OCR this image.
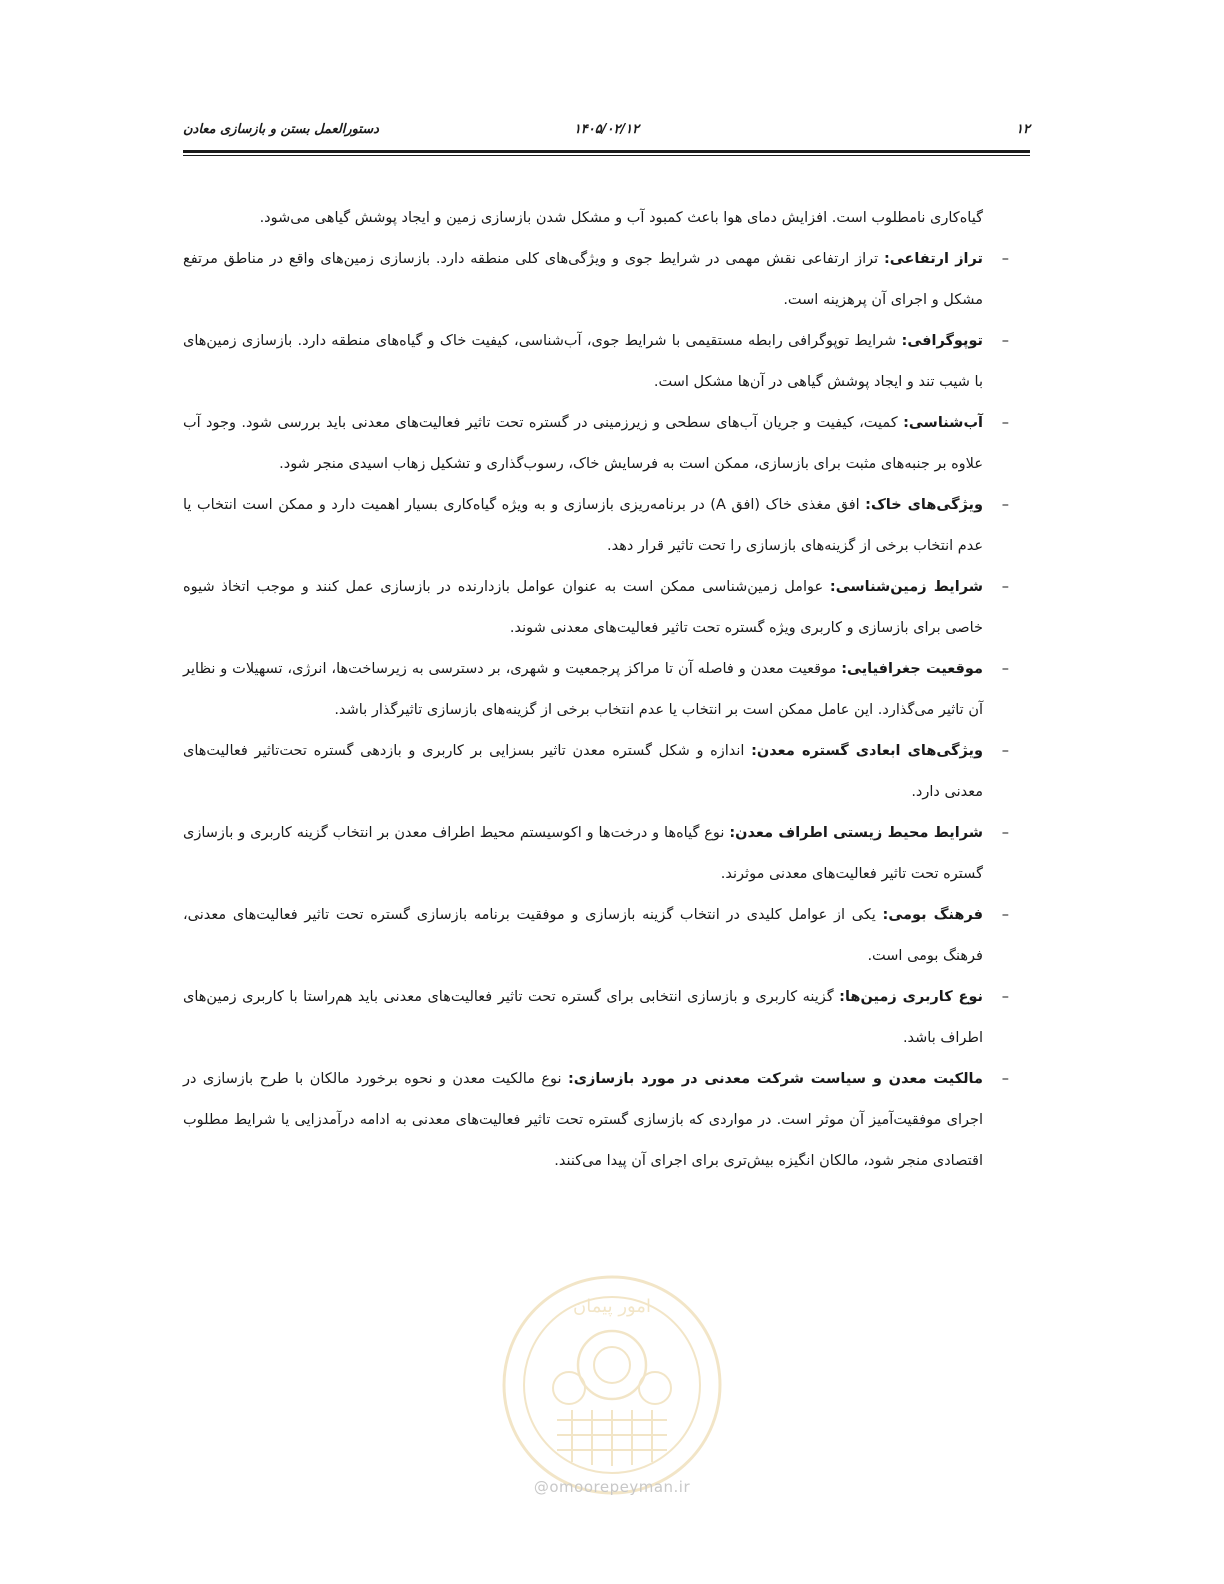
۱۲
۱۴۰۵/۰۲/۱۲
دستورالعمل بستن و بازسازی معادن

گیاه‌کاری نامطلوب است. افزایش دمای هوا باعث کمبود آب و مشکل شدن بازسازی زمین و ایجاد پوشش گیاهی می‌شود.

–
تراز ارتفاعی: تراز ارتفاعی نقش مهمی در شرایط جوی و ویژگی‌های کلی منطقه دارد. بازسازی زمین‌های واقع در مناطق مرتفع مشکل و اجرای آن پرهزینه است.

–
توپوگرافی: شرایط توپوگرافی رابطه مستقیمی با شرایط جوی، آب‌شناسی، کیفیت خاک و گیاه‌های منطقه دارد. بازسازی زمین‌های با شیب تند و ایجاد پوشش گیاهی در آن‌ها مشکل است.

–
آب‌شناسی: کمیت، کیفیت و جریان آب‌های سطحی و زیرزمینی در گستره تحت تاثیر فعالیت‌های معدنی باید بررسی شود. وجود آب علاوه بر جنبه‌های مثبت برای بازسازی، ممکن است به فرسایش خاک، رسوب‌گذاری و تشکیل زهاب اسیدی منجر شود.

–
ویژگی‌های خاک: افق مغذی خاک (افق A) در برنامه‌ریزی بازسازی و به ویژه گیاه‌کاری بسیار اهمیت دارد و ممکن است انتخاب یا عدم انتخاب برخی از گزینه‌های بازسازی را تحت تاثیر قرار دهد.

–
شرایط زمین‌شناسی: عوامل زمین‌شناسی ممکن است به عنوان عوامل بازدارنده در بازسازی عمل کنند و موجب اتخاذ شیوه خاصی برای بازسازی و کاربری ویژه گستره تحت تاثیر فعالیت‌های معدنی شوند.

–
موقعیت جغرافیایی: موقعیت معدن و فاصله آن تا مراکز پرجمعیت و شهری، بر دسترسی به زیرساخت‌ها، انرژی، تسهیلات و نظایر آن تاثیر می‌گذارد. این عامل ممکن است بر انتخاب یا عدم انتخاب برخی از گزینه‌های بازسازی تاثیرگذار باشد.

–
ویژگی‌های ابعادی گستره معدن: اندازه و شکل گستره معدن تاثیر بسزایی بر کاربری و بازدهی گستره تحت‌تاثیر فعالیت‌های معدنی دارد.

–
شرایط محیط زیستی اطراف معدن: نوع گیاه‌ها و درخت‌ها و اکوسیستم محیط اطراف معدن بر انتخاب گزینه کاربری و بازسازی گستره تحت تاثیر فعالیت‌های معدنی موثرند.

–
فرهنگ بومی: یکی از عوامل کلیدی در انتخاب گزینه بازسازی و موفقیت برنامه بازسازی گستره تحت تاثیر فعالیت‌های معدنی، فرهنگ بومی است.

–
نوع کاربری زمین‌ها: گزینه کاربری و بازسازی انتخابی برای گستره تحت تاثیر فعالیت‌های معدنی باید هم‌راستا با کاربری زمین‌های اطراف باشد.

–
مالکیت معدن و سیاست شرکت معدنی در مورد بازسازی: نوع مالکیت معدن و نحوه برخورد مالکان با طرح بازسازی در اجرای موفقیت‌آمیز آن موثر است. در مواردی که بازسازی گستره تحت تاثیر فعالیت‌های معدنی به ادامه درآمدزایی یا شرایط مطلوب اقتصادی منجر شود، مالکان انگیزه بیش‌تری برای اجرای آن پیدا می‌کنند.

امور پیمان
@omoorepeyman.ir
